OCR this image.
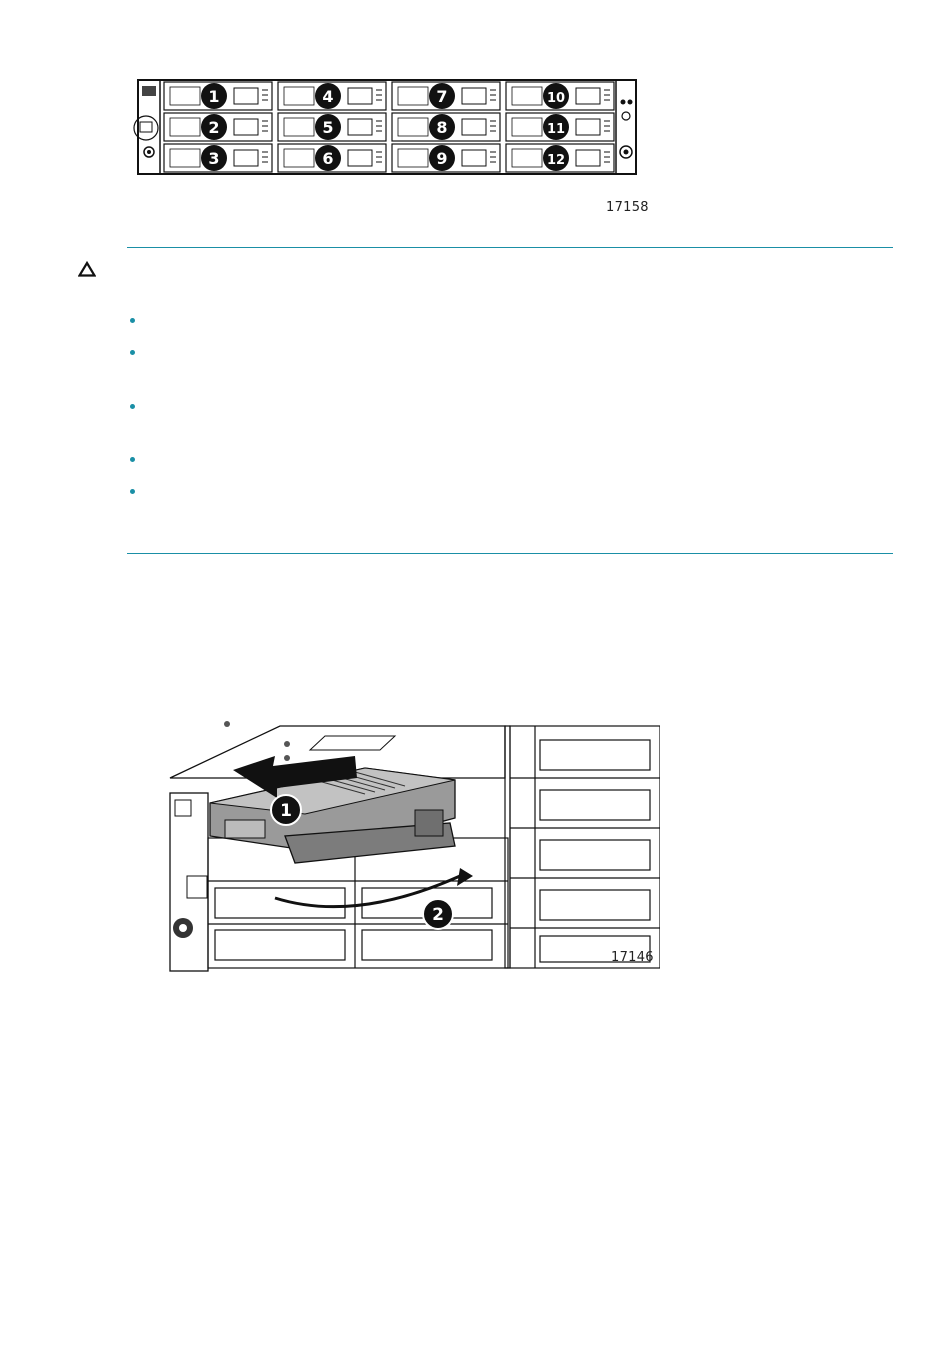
1
2
3
4
5
6
7
8
9
10
11
12
17158
17146
1
2
